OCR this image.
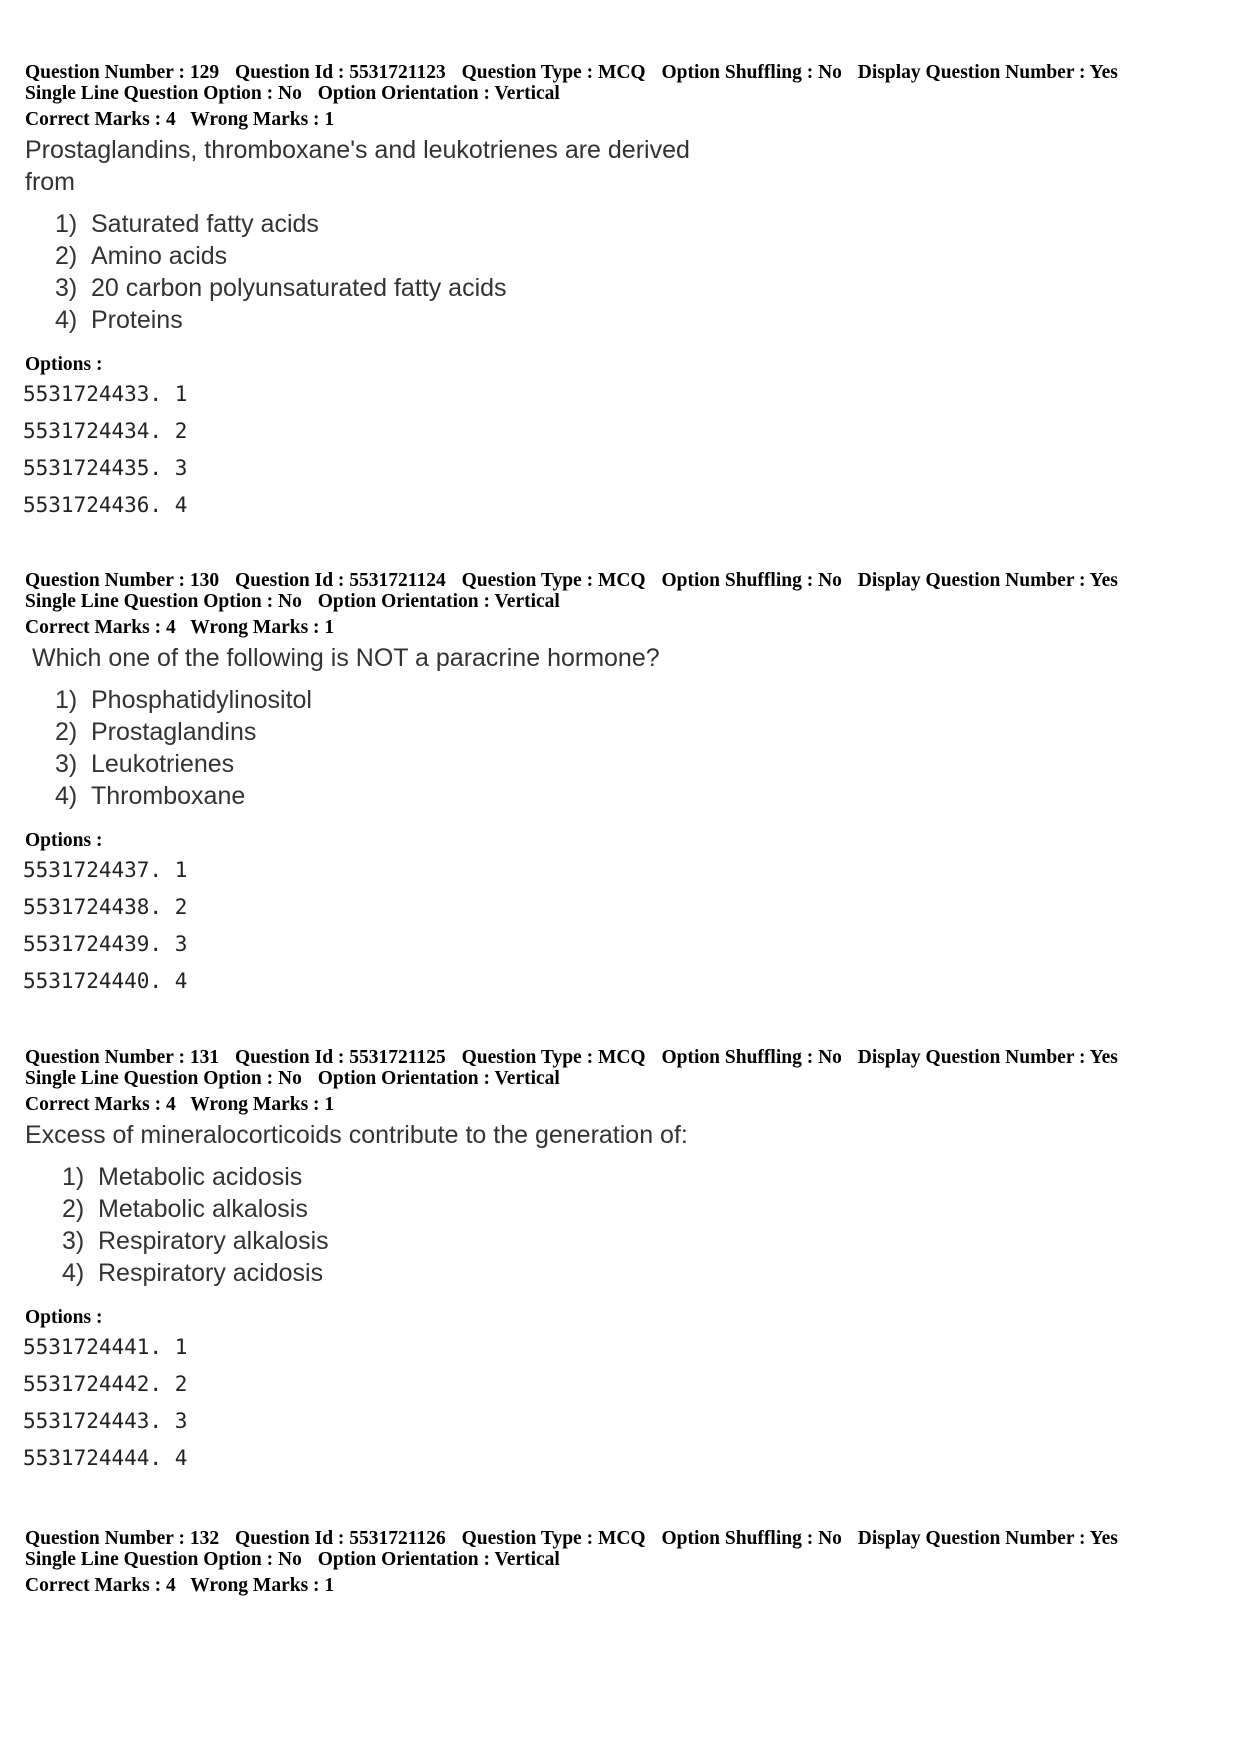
Question Number : 129 Question Id : 5531721123 Question Type : MCQ Option Shuffling : No Display Question Number : Yes
Single Line Question Option : No Option Orientation : Vertical
Correct Marks : 4 Wrong Marks : 1
Prostaglandins, thromboxane's and leukotrienes are derived
from
1) Saturated fatty acids
2) Amino acids
3) 20 carbon polyunsaturated fatty acids
4) Proteins
Options :
5531724433. 1
5531724434. 2
5531724435. 3
5531724436. 4
Question Number : 130 Question Id : 5531721124 Question Type : MCQ Option Shuffling : No Display Question Number : Yes
Single Line Question Option : No Option Orientation : Vertical
Correct Marks : 4 Wrong Marks : 1
Which one of the following is NOT a paracrine hormone?
1) Phosphatidylinositol
2) Prostaglandins
3) Leukotrienes
4) Thromboxane
Options :
5531724437. 1
5531724438. 2
5531724439. 3
5531724440. 4
Question Number : 131 Question Id : 5531721125 Question Type : MCQ Option Shuffling : No Display Question Number : Yes
Single Line Question Option : No Option Orientation : Vertical
Correct Marks : 4 Wrong Marks : 1
Excess of mineralocorticoids contribute to the generation of:
1) Metabolic acidosis
2) Metabolic alkalosis
3) Respiratory alkalosis
4) Respiratory acidosis
Options :
5531724441. 1
5531724442. 2
5531724443. 3
5531724444. 4
Question Number : 132 Question Id : 5531721126 Question Type : MCQ Option Shuffling : No Display Question Number : Yes
Single Line Question Option : No Option Orientation : Vertical
Correct Marks : 4 Wrong Marks : 1
